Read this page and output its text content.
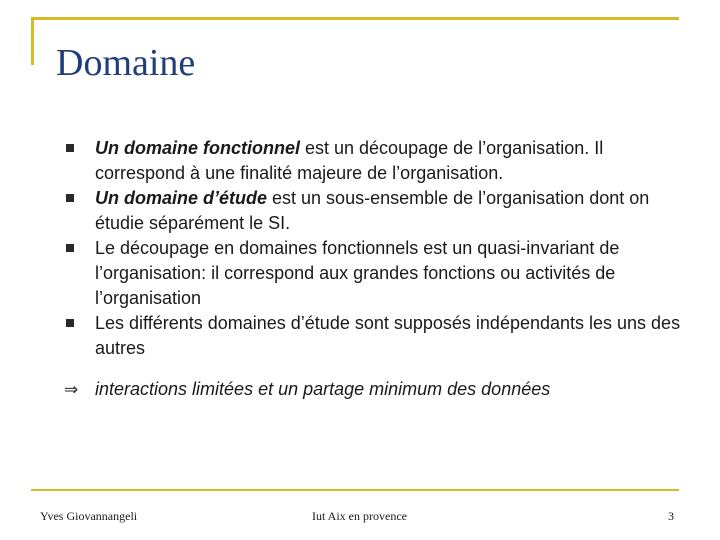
Domaine
Un domaine fonctionnel est un découpage de l’organisation. Il correspond à une finalité majeure de l’organisation.
Un domaine d’étude est un sous-ensemble de l’organisation dont on étudie séparément le SI.
Le découpage en domaines fonctionnels est un quasi-invariant de l’organisation: il correspond aux grandes fonctions ou activités de l’organisation
Les différents domaines d’étude sont supposés indépendants les uns des autres
⇒ interactions limitées et un partage minimum des données
Yves Giovannangeli	Iut Aix en provence	3
